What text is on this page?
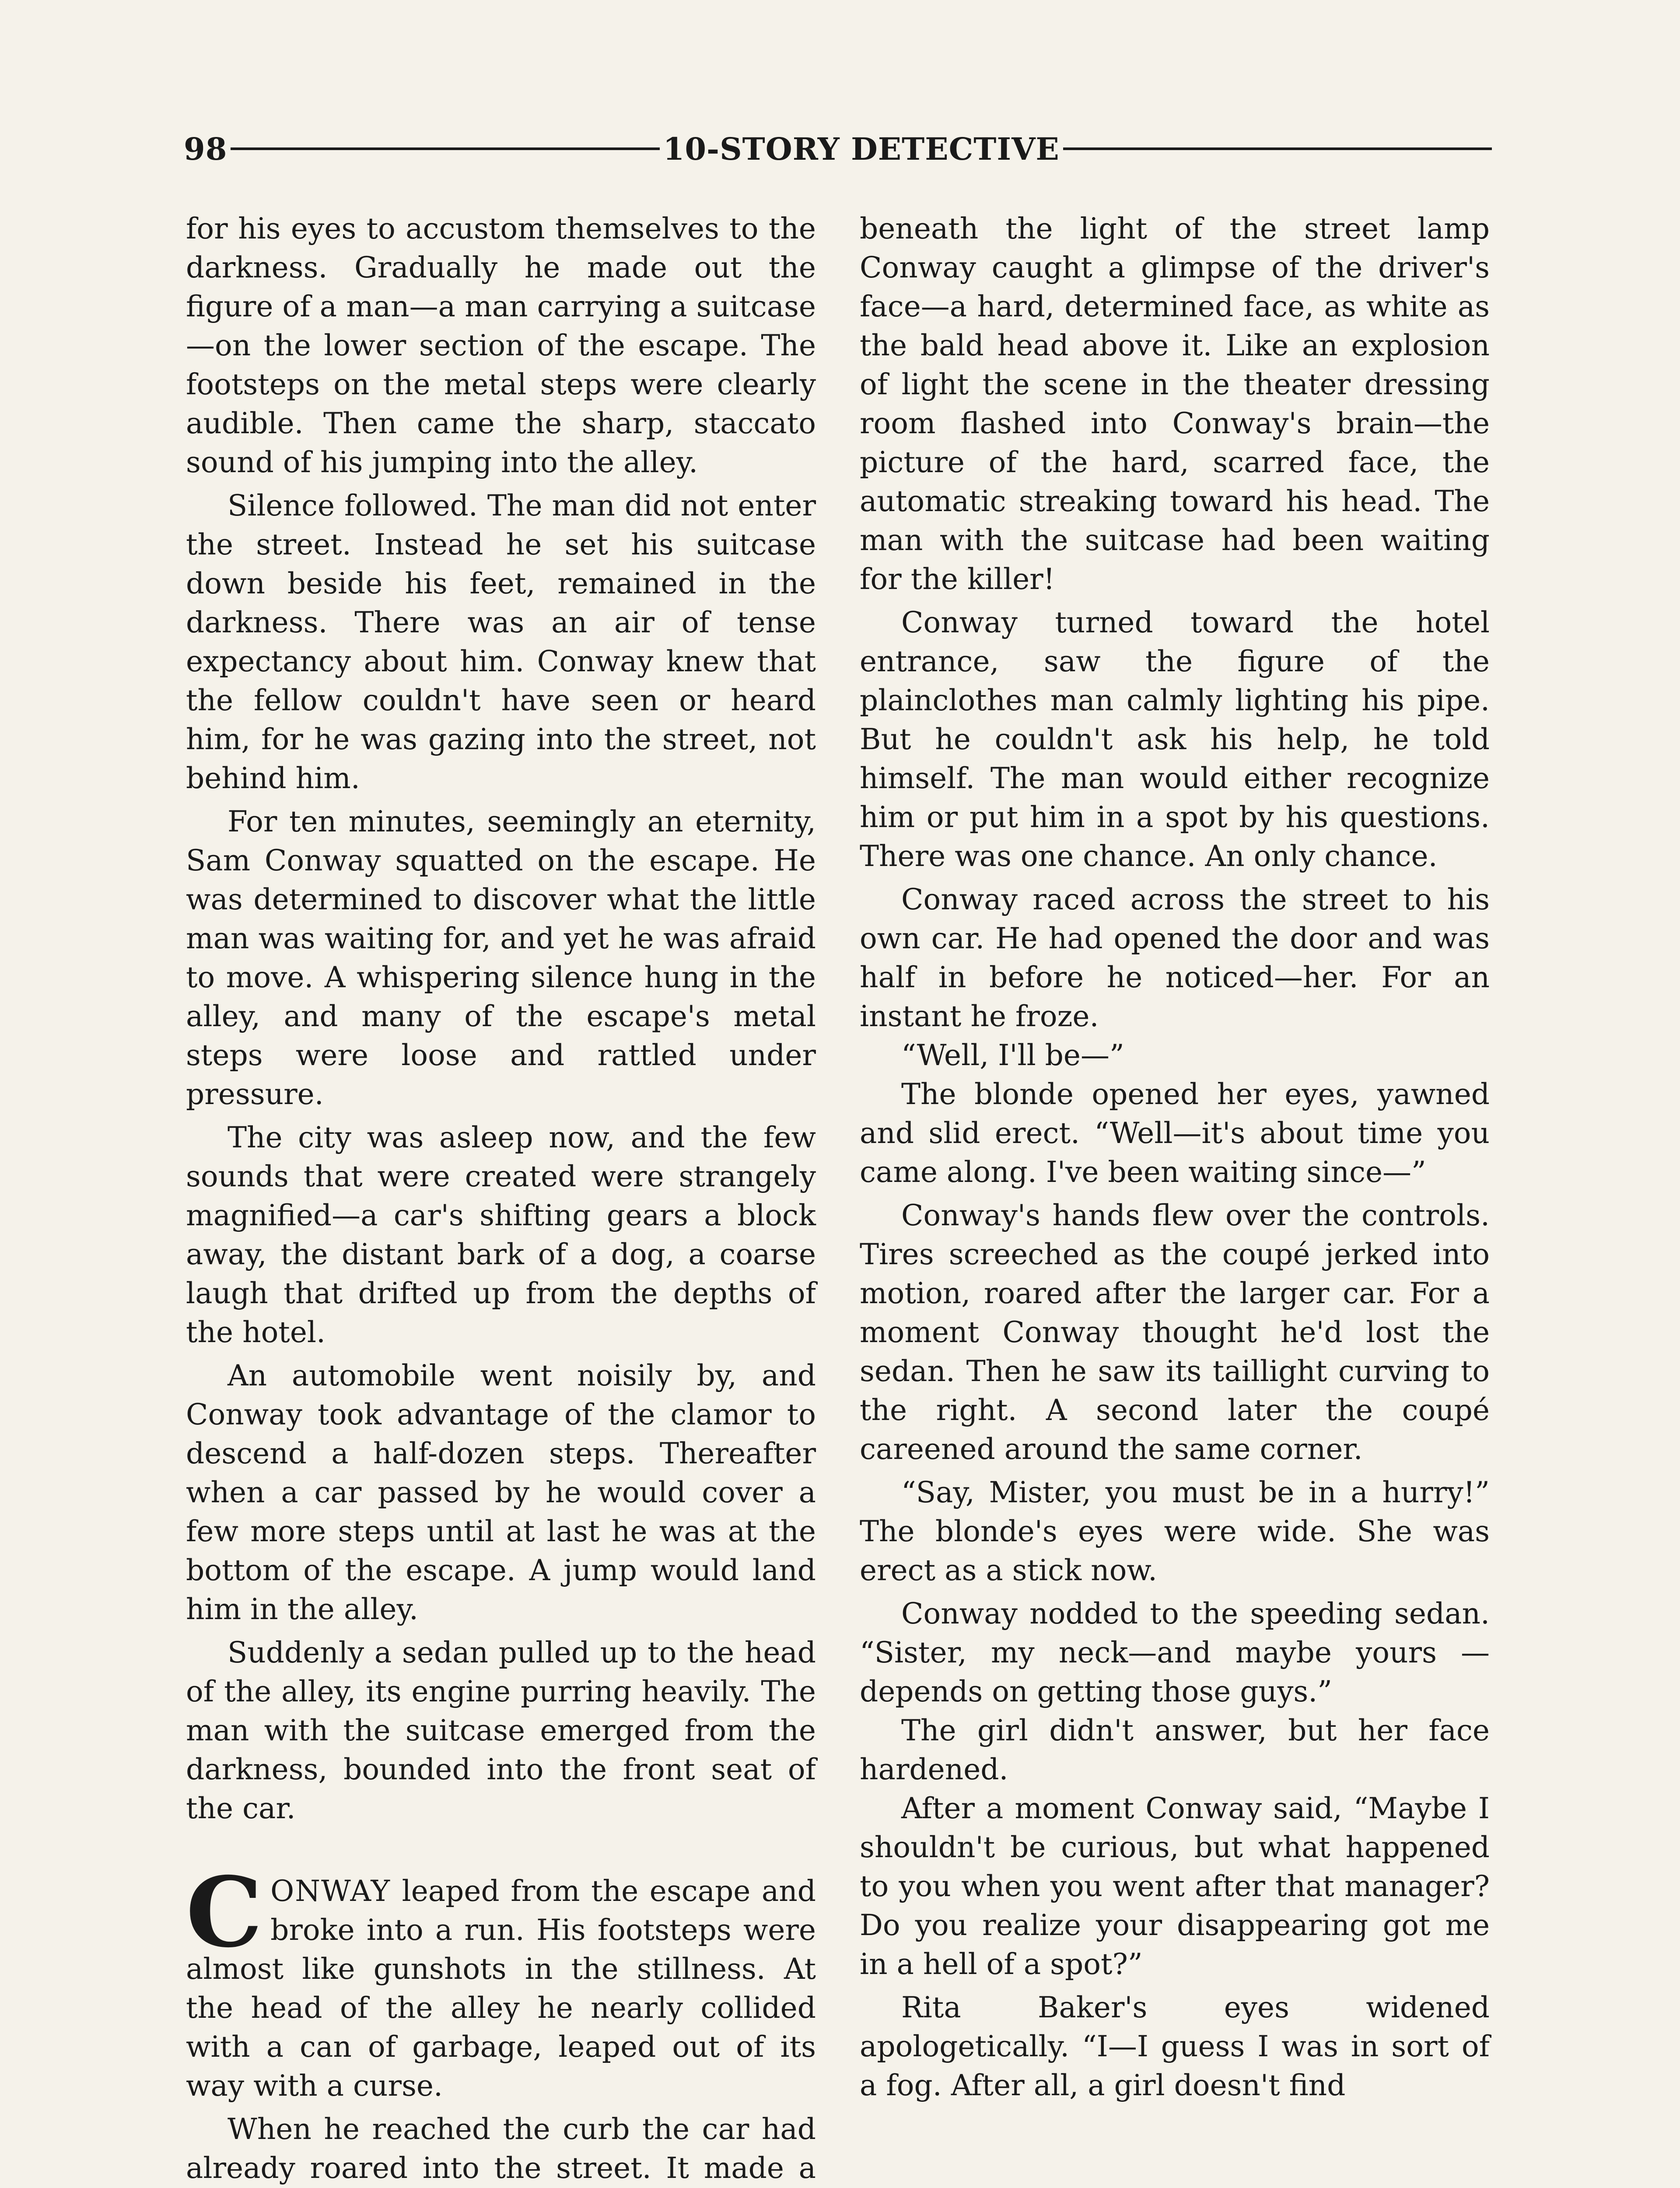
98	10-STORY DETECTIVE

for his eyes to accustom themselves to the darkness. Gradually he made out the figure of a man—a man carrying a suitcase—on the lower section of the escape. The footsteps on the metal steps were clearly audible. Then came the sharp, staccato sound of his jumping into the alley.

Silence followed. The man did not enter the street. Instead he set his suitcase down beside his feet, remained in the darkness. There was an air of tense expectancy about him. Conway knew that the fellow couldn't have seen or heard him, for he was gazing into the street, not behind him.

For ten minutes, seemingly an eternity, Sam Conway squatted on the escape. He was determined to discover what the little man was waiting for, and yet he was afraid to move. A whispering silence hung in the alley, and many of the escape's metal steps were loose and rattled under pressure.

The city was asleep now, and the few sounds that were created were strangely magnified—a car's shifting gears a block away, the distant bark of a dog, a coarse laugh that drifted up from the depths of the hotel.

An automobile went noisily by, and Conway took advantage of the clamor to descend a half-dozen steps. Thereafter when a car passed by he would cover a few more steps until at last he was at the bottom of the escape. A jump would land him in the alley.

Suddenly a sedan pulled up to the head of the alley, its engine purring heavily. The man with the suitcase emerged from the darkness, bounded into the front seat of the car.

CONWAY leaped from the escape and broke into a run. His footsteps were almost like gunshots in the stillness. At the head of the alley he nearly collided with a can of garbage, leaped out of its way with a curse.

When he reached the curb the car had already roared into the street. It made a

beneath the light of the street lamp Conway caught a glimpse of the driver's face—a hard, determined face, as white as the bald head above it. Like an explosion of light the scene in the theater dressing room flashed into Conway's brain—the picture of the hard, scarred face, the automatic streaking toward his head. The man with the suitcase had been waiting for the killer!

Conway turned toward the hotel entrance, saw the figure of the plainclothes man calmly lighting his pipe. But he couldn't ask his help, he told himself. The man would either recognize him or put him in a spot by his questions. There was one chance. An only chance.

Conway raced across the street to his own car. He had opened the door and was half in before he noticed—her. For an instant he froze.

“Well, I'll be—”

The blonde opened her eyes, yawned and slid erect. “Well—it's about time you came along. I've been waiting since—”

Conway's hands flew over the controls. Tires screeched as the coupé jerked into motion, roared after the larger car. For a moment Conway thought he'd lost the sedan. Then he saw its taillight curving to the right. A second later the coupé careened around the same corner.

“Say, Mister, you must be in a hurry!” The blonde's eyes were wide. She was erect as a stick now.

Conway nodded to the speeding sedan. “Sister, my neck—and maybe yours — depends on getting those guys.”

The girl didn't answer, but her face hardened.

After a moment Conway said, “Maybe I shouldn't be curious, but what happened to you when you went after that manager? Do you realize your disappearing got me in a hell of a spot?”

Rita Baker's eyes widened apologetically. “I—I guess I was in sort of a fog. After all, a girl doesn't find
